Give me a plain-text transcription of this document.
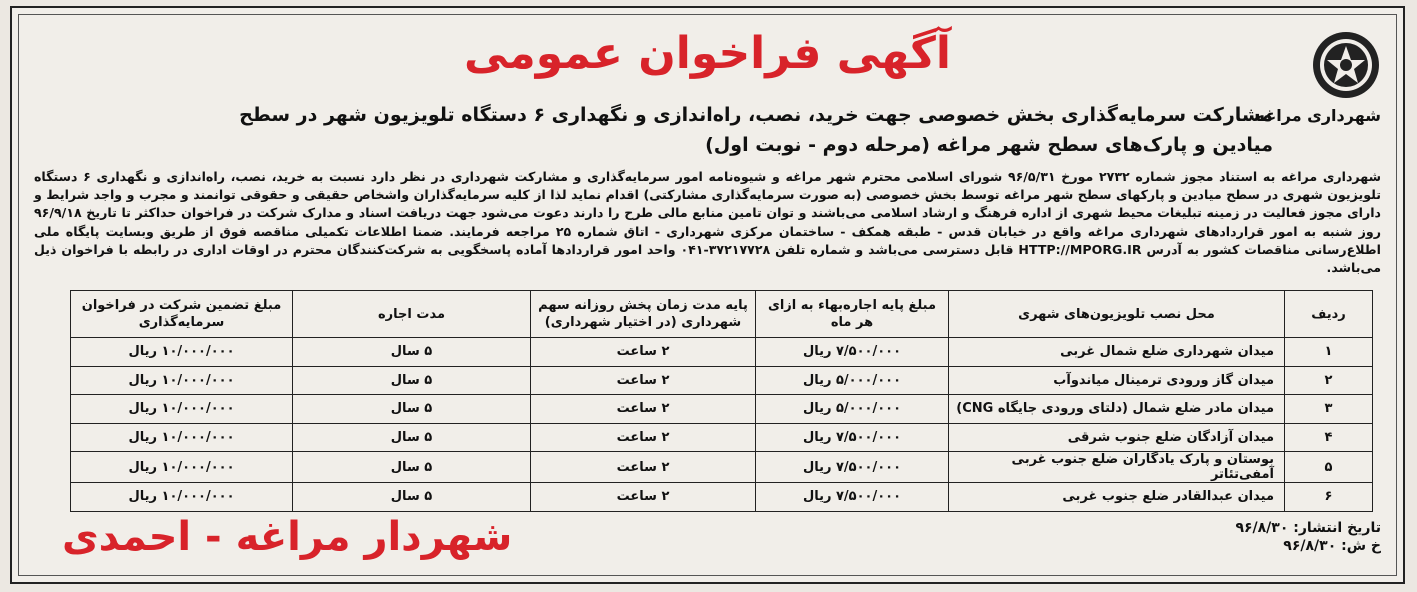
آگهی فراخوان عمومی
شهرداری مراغه
مشارکت سرمایه‌گذاری بخش خصوصی جهت خرید، نصب، راه‌اندازی و نگهداری ۶ دستگاه تلویزیون شهر در سطح میادین و پارک‌های سطح شهر مراغه (مرحله دوم - نوبت اول)
شهرداری مراغه به استناد مجوز شماره ۲۷۳۲ مورخ ۹۶/۵/۳۱ شورای اسلامی محترم شهر مراغه و شیوه‌نامه امور سرمایه‌گذاری و مشارکت شهرداری در نظر دارد نسبت به خرید، نصب، راه‌اندازی و نگهداری ۶ دستگاه تلویزیون شهری در سطح میادین و پارکهای سطح شهر مراغه توسط بخش خصوصی (به صورت سرمایه‌گذاری مشارکتی) اقدام نماید لذا از کلیه سرمایه‌گذاران واشخاص حقیقی و حقوقی توانمند و مجرب و واجد شرایط و دارای مجوز فعالیت در زمینه تبلیغات محیط شهری از اداره فرهنگ و ارشاد اسلامی می‌باشند و توان تامین منابع مالی طرح را دارند دعوت می‌شود جهت دریافت اسناد و مدارک شرکت در فراخوان حداکثر تا تاریخ ۹۶/۹/۱۸ روز شنبه به امور قراردادهای شهرداری مراغه واقع در خیابان قدس - طبقه همکف - ساختمان مرکزی شهرداری - اتاق شماره ۲۵ مراجعه فرمایند. ضمنا اطلاعات تکمیلی مناقصه فوق از طریق وبسایت پایگاه ملی اطلاع‌رسانی مناقصات کشور به آدرس HTTP://MPORG.IR قابل دسترسی می‌باشد و شماره تلفن ۳۷۲۱۷۷۲۸-۰۴۱ واحد امور قراردادها آماده پاسخگویی به شرکت‌کنندگان محترم در اوقات اداری در رابطه با فراخوان ذیل می‌باشد.
ردیف	محل نصب تلویزیون‌های شهری	مبلغ پایه اجاره‌بهاء به ازای هر ماه	پایه مدت زمان پخش روزانه سهم شهرداری (در اختیار شهرداری)	مدت اجاره	مبلغ تضمین شرکت در فراخوان سرمایه‌گذاری
۱	میدان شهرداری ضلع شمال غربی	۷/۵۰۰/۰۰۰ ریال	۲ ساعت	۵ سال	۱۰/۰۰۰/۰۰۰ ریال
۲	میدان گاز ورودی ترمینال میاندوآب	۵/۰۰۰/۰۰۰ ریال	۲ ساعت	۵ سال	۱۰/۰۰۰/۰۰۰ ریال
۳	میدان مادر ضلع شمال (دلتای ورودی جایگاه CNG)	۵/۰۰۰/۰۰۰ ریال	۲ ساعت	۵ سال	۱۰/۰۰۰/۰۰۰ ریال
۴	میدان آزادگان ضلع جنوب شرقی	۷/۵۰۰/۰۰۰ ریال	۲ ساعت	۵ سال	۱۰/۰۰۰/۰۰۰ ریال
۵	بوستان و پارک یادگاران ضلع جنوب غربی آمفی‌تئاتر	۷/۵۰۰/۰۰۰ ریال	۲ ساعت	۵ سال	۱۰/۰۰۰/۰۰۰ ریال
۶	میدان عبدالقادر ضلع جنوب غربی	۷/۵۰۰/۰۰۰ ریال	۲ ساعت	۵ سال	۱۰/۰۰۰/۰۰۰ ریال
تاریخ انتشار: ۹۶/۸/۳۰
خ ش: ۹۶/۸/۳۰
شهردار مراغه - احمدی
